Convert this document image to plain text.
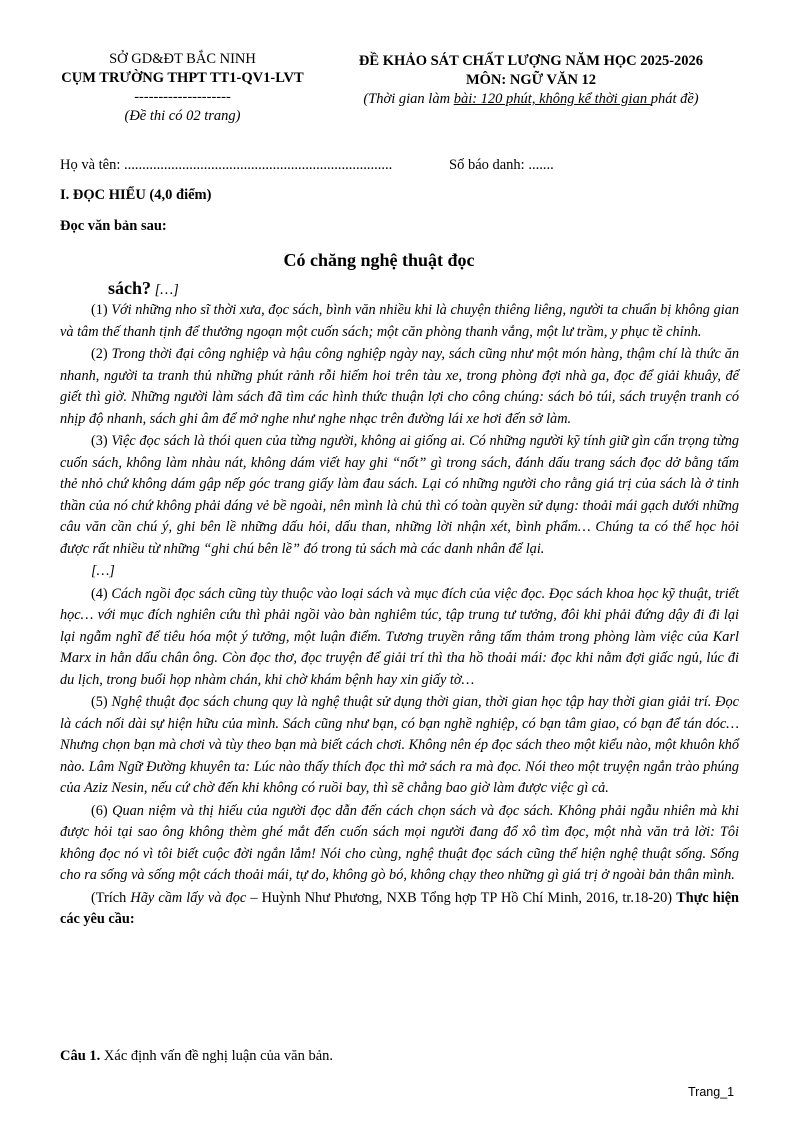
SỞ GD&ĐT BẮC NINH
CỤM TRƯỜNG THPT TT1-QV1-LVT
--------------------
(Đề thi có 02 trang)
ĐỀ KHẢO SÁT CHẤT LƯỢNG NĂM HỌC 2025-2026
MÔN: NGỮ VĂN 12
(Thời gian làm bài: 120 phút, không kể thời gian phát đề)
Họ và tên: ..........................................................................	Số báo danh: .......
I. ĐỌC HIỂU (4,0 điểm)
Đọc văn bản sau:
Có chăng nghệ thuật đọc
sách? […]

(1) Với những nho sĩ thời xưa, đọc sách, bình văn nhiều khi là chuyện thiêng liêng, người ta chuẩn bị không gian và tâm thế thanh tịnh để thưởng ngoạn một cuốn sách; một căn phòng thanh vắng, một lư trầm, y phục tề chỉnh.

(2) Trong thời đại công nghiệp và hậu công nghiệp ngày nay, sách cũng như một món hàng, thậm chí là thức ăn nhanh, người ta tranh thủ những phút rảnh rỗi hiếm hoi trên tàu xe, trong phòng đợi nhà ga, đọc để giải khuây, để giết thì giờ. Những người làm sách đã tìm các hình thức thuận lợi cho công chúng: sách bỏ túi, sách truyện tranh có nhịp độ nhanh, sách ghi âm để mở nghe như nghe nhạc trên đường lái xe hơi đến sở làm.

(3) Việc đọc sách là thói quen của từng người, không ai giống ai. Có những người kỹ tính giữ gìn cẩn trọng từng cuốn sách, không làm nhàu nát, không dám viết hay ghi “nốt” gì trong sách, đánh dấu trang sách đọc dở bằng tấm thẻ nhỏ chứ không dám gập nếp góc trang giấy làm đau sách. Lại có những người cho rằng giá trị của sách là ở tinh thần của nó chứ không phải dáng vẻ bề ngoài, nên mình là chủ thì có toàn quyền sử dụng: thoải mái gạch dưới những câu văn cần chú ý, ghi bên lề những dấu hỏi, dấu than, những lời nhận xét, bình phẩm… Chúng ta có thể học hỏi được rất nhiều từ những “ghi chú bên lề” đó trong tủ sách mà các danh nhân để lại.

[…]

(4) Cách ngồi đọc sách cũng tùy thuộc vào loại sách và mục đích của việc đọc. Đọc sách khoa học kỹ thuật, triết học… với mục đích nghiên cứu thì phải ngồi vào bàn nghiêm túc, tập trung tư tưởng, đôi khi phải đứng dậy đi đi lại lại ngẫm nghĩ để tiêu hóa một ý tưởng, một luận điểm. Tương truyền rằng tấm thảm trong phòng làm việc của Karl Marx in hằn dấu chân ông. Còn đọc thơ, đọc truyện để giải trí thì tha hồ thoải mái: đọc khi nằm đợi giấc ngủ, lúc đi du lịch, trong buổi họp nhàm chán, khi chờ khám bệnh hay xin giấy tờ…

(5) Nghệ thuật đọc sách chung quy là nghệ thuật sử dụng thời gian, thời gian học tập hay thời gian giải trí. Đọc là cách nối dài sự hiện hữu của mình. Sách cũng như bạn, có bạn nghề nghiệp, có bạn tâm giao, có bạn để tán dóc… Nhưng chọn bạn mà chơi và tùy theo bạn mà biết cách chơi. Không nên ép đọc sách theo một kiểu nào, một khuôn khổ nào. Lâm Ngữ Đường khuyên ta: Lúc nào thấy thích đọc thì mở sách ra mà đọc. Nói theo một truyện ngắn trào phúng của Aziz Nesin, nếu cứ chờ đến khi không có ruồi bay, thì sẽ chẳng bao giờ làm được việc gì cả.

(6) Quan niệm và thị hiếu của người đọc dẫn đến cách chọn sách và đọc sách. Không phải ngẫu nhiên mà khi được hỏi tại sao ông không thèm ghé mắt đến cuốn sách mọi người đang đổ xô tìm đọc, một nhà văn trả lời: Tôi không đọc nó vì tôi biết cuộc đời ngắn lắm! Nói cho cùng, nghệ thuật đọc sách cũng thể hiện nghệ thuật sống. Sống cho ra sống và sống một cách thoải mái, tự do, không gò bó, không chạy theo những gì giá trị ở ngoài bản thân mình.

(Trích Hãy cầm lấy và đọc – Huỳnh Như Phương, NXB Tổng hợp TP Hồ Chí Minh, 2016, tr.18-20) Thực hiện các yêu cầu:

Câu 1. Xác định vấn đề nghị luận của văn bản.
Trang_1
